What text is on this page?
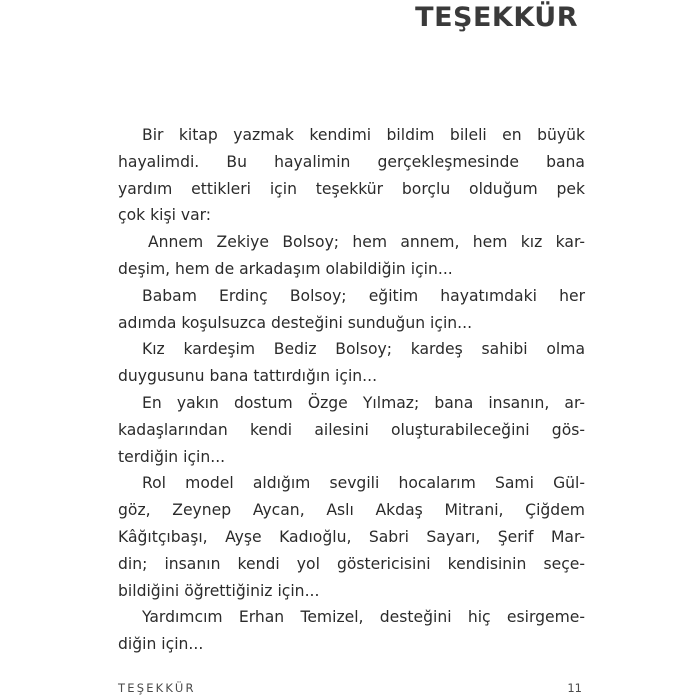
TEŞEKKÜR
Bir kitap yazmak kendimi bildim bileli en büyük
hayalimdi. Bu hayalimin gerçekleşmesinde bana
yardım ettikleri için teşekkür borçlu olduğum pek
çok kişi var:
Annem Zekiye Bolsoy; hem annem, hem kız kar-
deşim, hem de arkadaşım olabildiğin için...
Babam Erdinç Bolsoy; eğitim hayatımdaki her
adımda koşulsuzca desteğini sunduğun için...
Kız kardeşim Bediz Bolsoy; kardeş sahibi olma
duygusunu bana tattırdığın için...
En yakın dostum Özge Yılmaz; bana insanın, ar-
kadaşlarından kendi ailesini oluşturabileceğini gös-
terdiğin için...
Rol model aldığım sevgili hocalarım Sami Gül-
göz, Zeynep Aycan, Aslı Akdaş Mitrani, Çiğdem
Kâğıtçıbaşı, Ayşe Kadıoğlu, Sabri Sayarı, Şerif Mar-
din; insanın kendi yol göstericisini kendisinin seçe-
bildiğini öğrettiğiniz için...
Yardımcım Erhan Temizel, desteğini hiç esirgeme-
diğin için...
TEŞEKKÜR	11
